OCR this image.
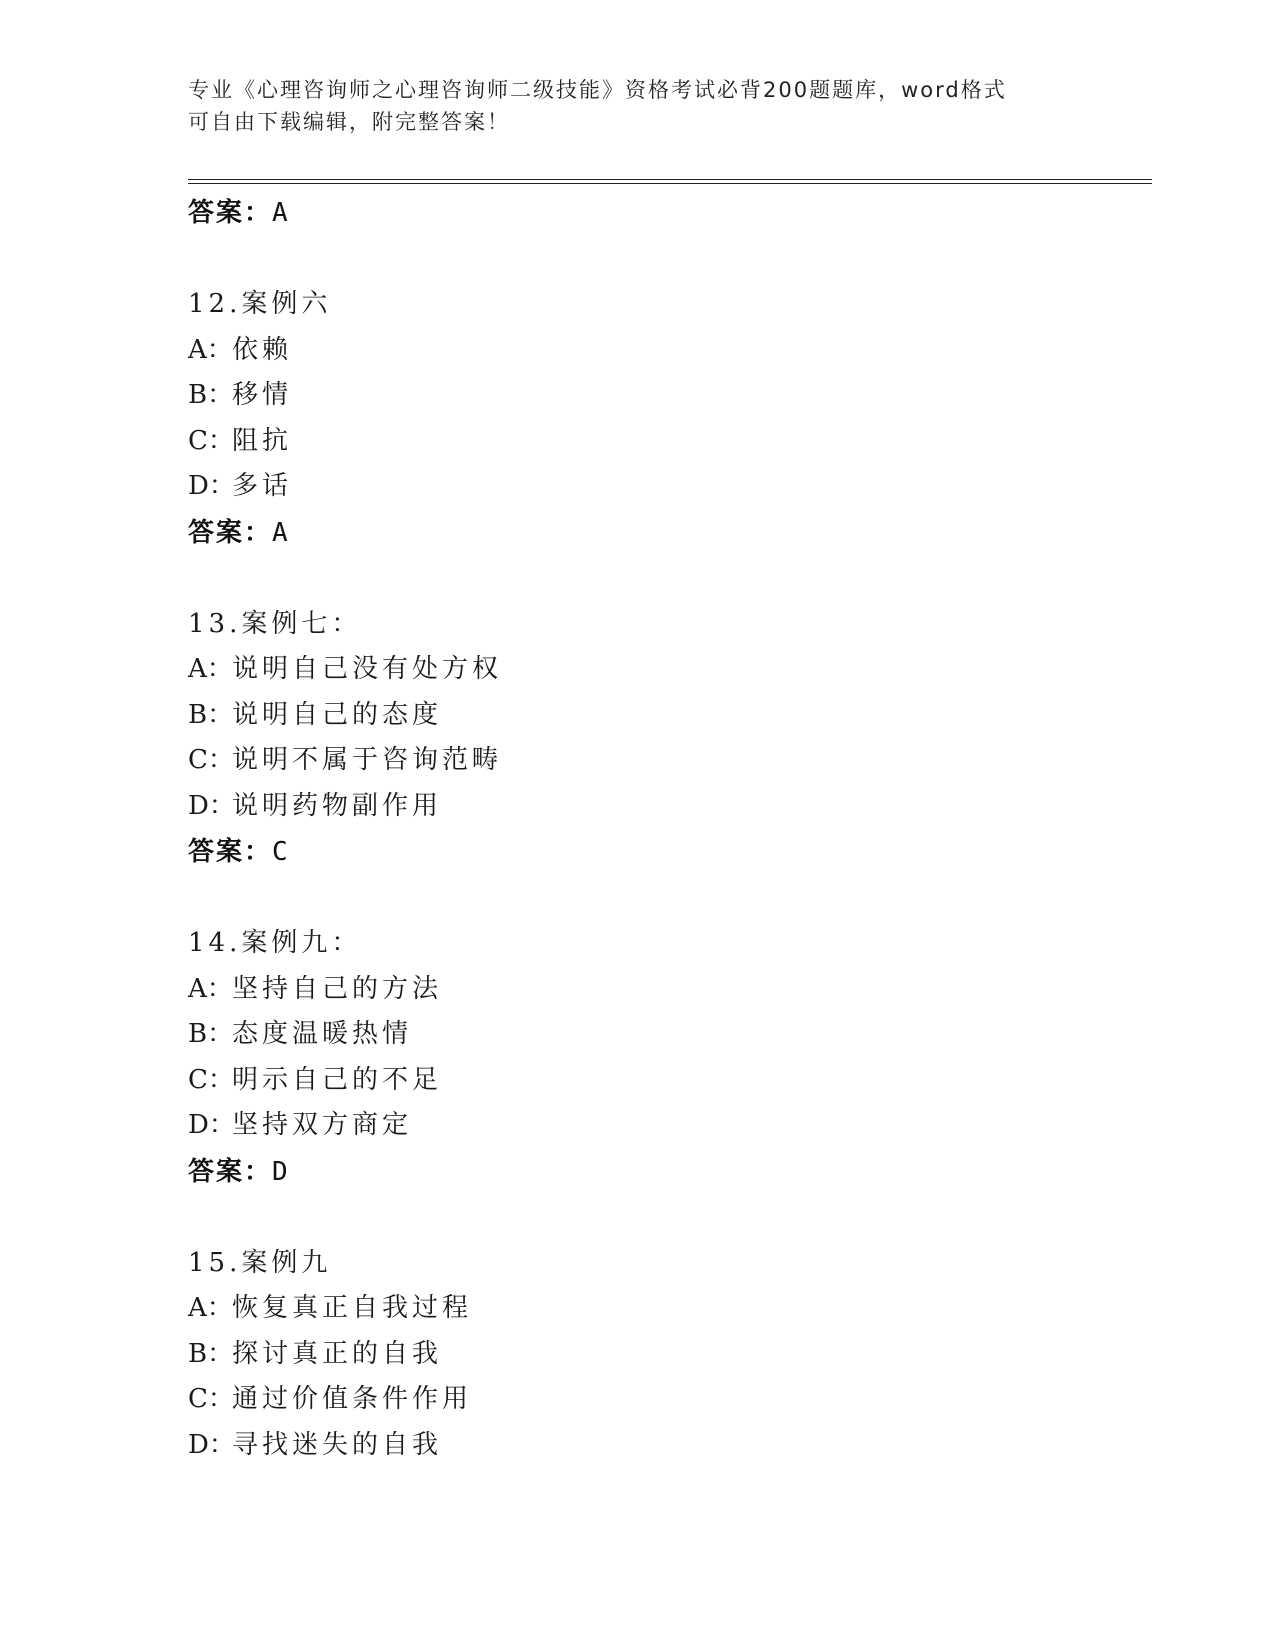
专业《心理咨询师之心理咨询师二级技能》资格考试必背200题题库，word格式
可自由下载编辑，附完整答案！
答案：A
12.案例六
A：依赖
B：移情
C：阻抗
D：多话
答案：A
13.案例七：
A：说明自己没有处方权
B：说明自己的态度
C：说明不属于咨询范畴
D：说明药物副作用
答案：C
14.案例九：
A：坚持自己的方法
B：态度温暖热情
C：明示自己的不足
D：坚持双方商定
答案：D
15.案例九
A：恢复真正自我过程
B：探讨真正的自我
C：通过价值条件作用
D：寻找迷失的自我
